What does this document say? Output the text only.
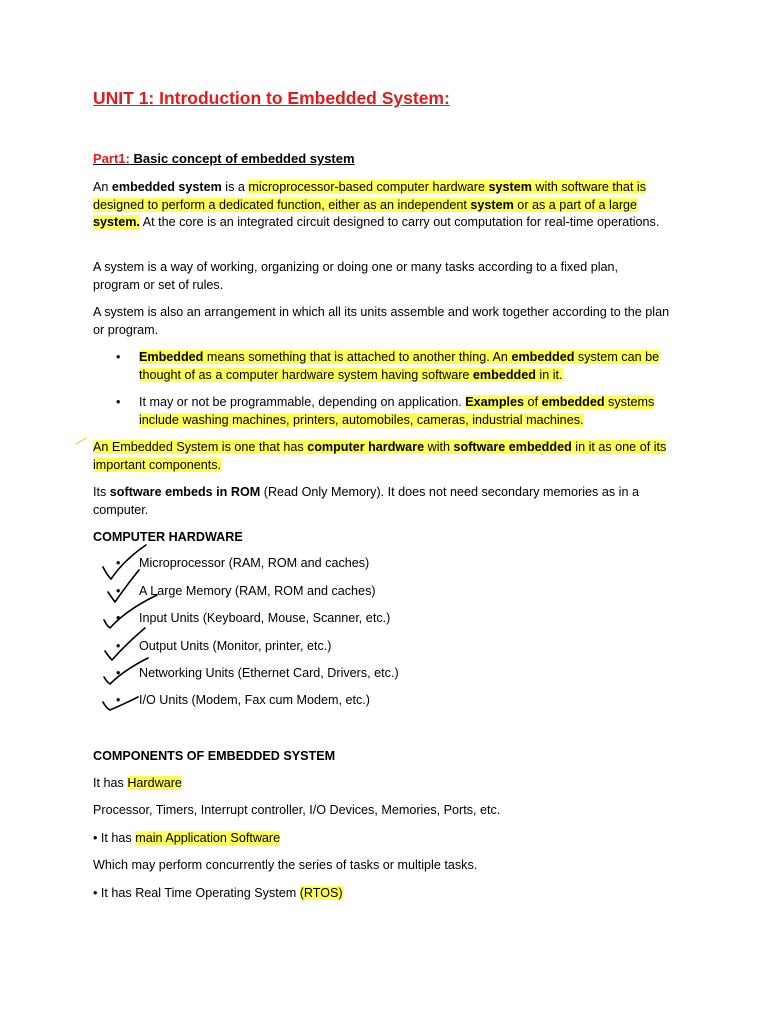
UNIT 1: Introduction to Embedded System:
Part1: Basic concept of embedded system
An embedded system is a microprocessor-based computer hardware system with software that is designed to perform a dedicated function, either as an independent system or as a part of a large system. At the core is an integrated circuit designed to carry out computation for real-time operations.
A system is a way of working, organizing or doing one or many tasks according to a fixed plan, program or set of rules.
A system is also an arrangement in which all its units assemble and work together according to the plan or program.
• Embedded means something that is attached to another thing. An embedded system can be thought of as a computer hardware system having software embedded in it.
• It may or not be programmable, depending on application. Examples of embedded systems include washing machines, printers, automobiles, cameras, industrial machines.
An Embedded System is one that has computer hardware with software embedded in it as one of its important components.
Its software embeds in ROM (Read Only Memory). It does not need secondary memories as in a computer.
COMPUTER HARDWARE
• Microprocessor (RAM, ROM and caches)
• A Large Memory (RAM, ROM and caches)
• Input Units (Keyboard, Mouse, Scanner, etc.)
• Output Units (Monitor, printer, etc.)
• Networking Units (Ethernet Card, Drivers, etc.)
• I/O Units (Modem, Fax cum Modem, etc.)
COMPONENTS OF EMBEDDED SYSTEM
It has Hardware
Processor, Timers, Interrupt controller, I/O Devices, Memories, Ports, etc.
• It has main Application Software
Which may perform concurrently the series of tasks or multiple tasks.
• It has Real Time Operating System (RTOS)
